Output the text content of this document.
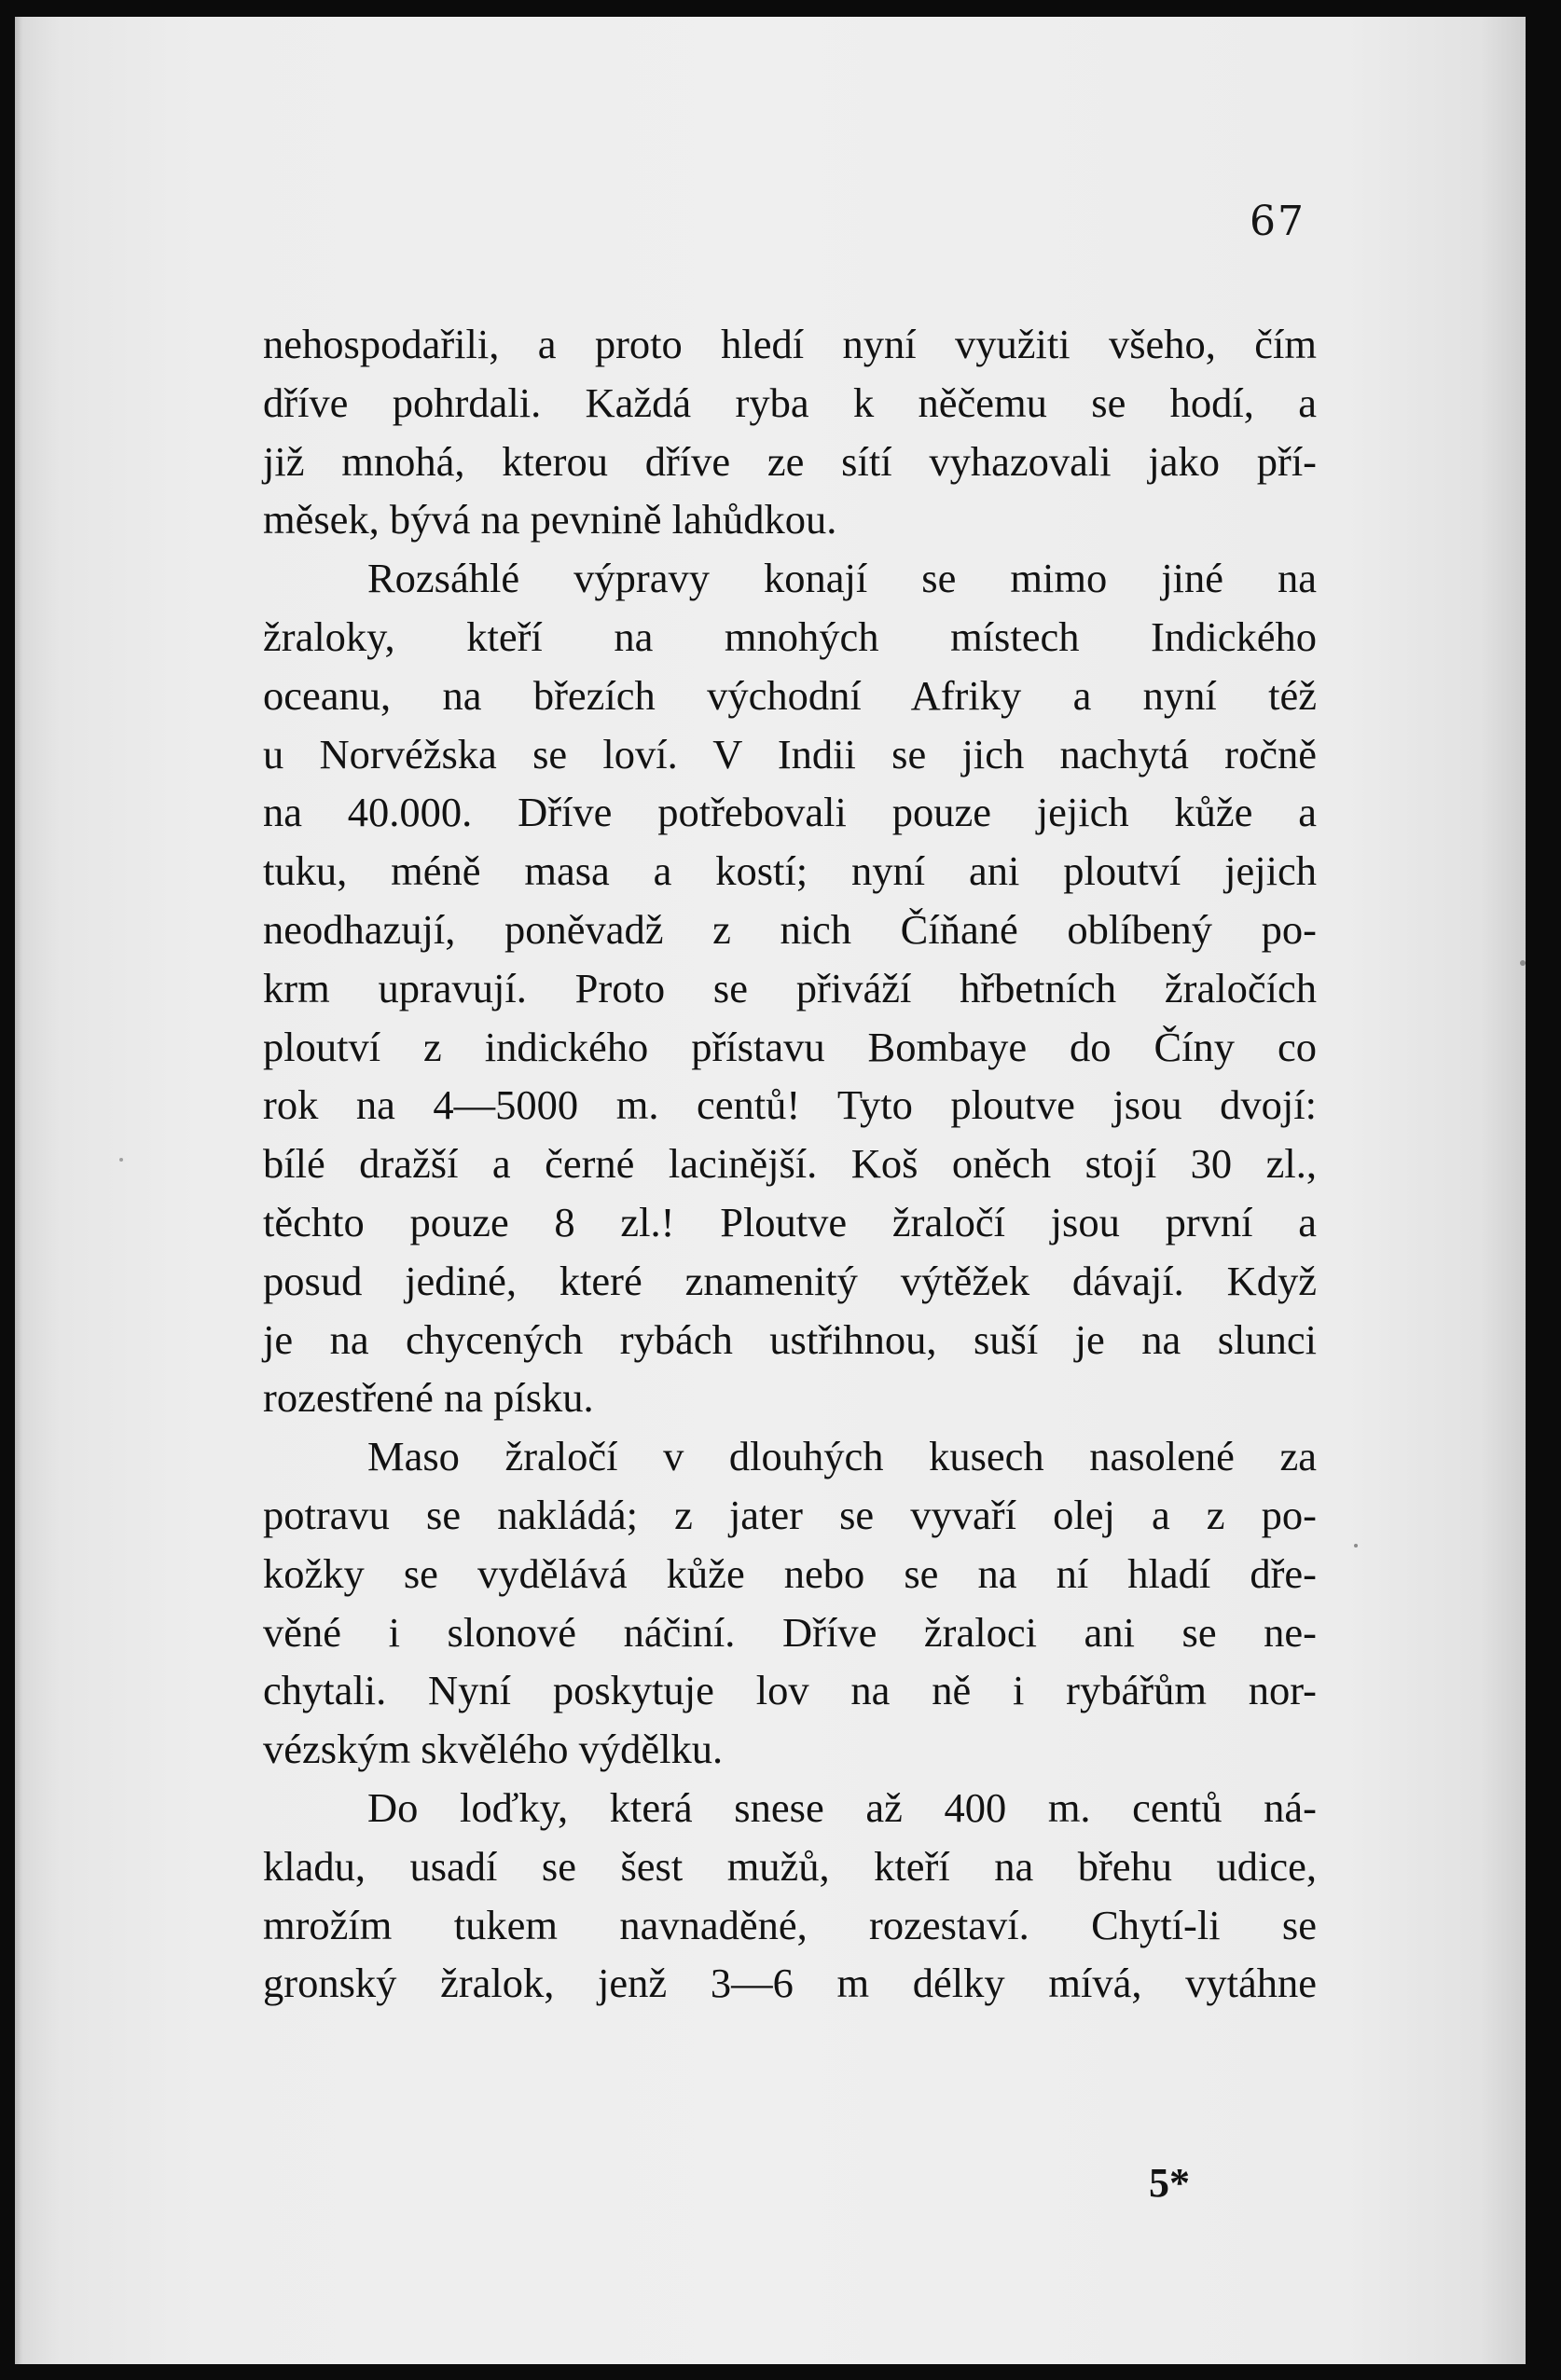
67
nehospodařili, a proto hledí nyní využiti všeho, čím
dříve pohrdali. Každá ryba k něčemu se hodí, a
již mnohá, kterou dříve ze sítí vyhazovali jako pří-
měsek, bývá na pevnině lahůdkou.
Rozsáhlé výpravy konají se mimo jiné na
žraloky, kteří na mnohých místech Indického
oceanu, na březích východní Afriky a nyní též
u Norvéžska se loví. V Indii se jich nachytá ročně
na 40.000. Dříve potřebovali pouze jejich kůže a
tuku, méně masa a kostí; nyní ani ploutví jejich
neodhazují, poněvadž z nich Číňané oblíbený po-
krm upravují. Proto se přiváží hřbetních žraločích
ploutví z indického přístavu Bombaye do Číny co
rok na 4—5000 m. centů! Tyto ploutve jsou dvojí:
bílé dražší a černé lacinější. Koš oněch stojí 30 zl.,
těchto pouze 8 zl.! Ploutve žraločí jsou první a
posud jediné, které znamenitý výtěžek dávají. Když
je na chycených rybách ustřihnou, suší je na slunci
rozestřené na písku.
Maso žraločí v dlouhých kusech nasolené za
potravu se nakládá; z jater se vyvaří olej a z po-
kožky se vydělává kůže nebo se na ní hladí dře-
věné i slonové náčiní. Dříve žraloci ani se ne-
chytali. Nyní poskytuje lov na ně i rybářům nor-
vézským skvělého výdělku.
Do loďky, která snese až 400 m. centů ná-
kladu, usadí se šest mužů, kteří na břehu udice,
mrožím tukem navnaděné, rozestaví. Chytí-li se
gronský žralok, jenž 3—6 m délky mívá, vytáhne
5*
